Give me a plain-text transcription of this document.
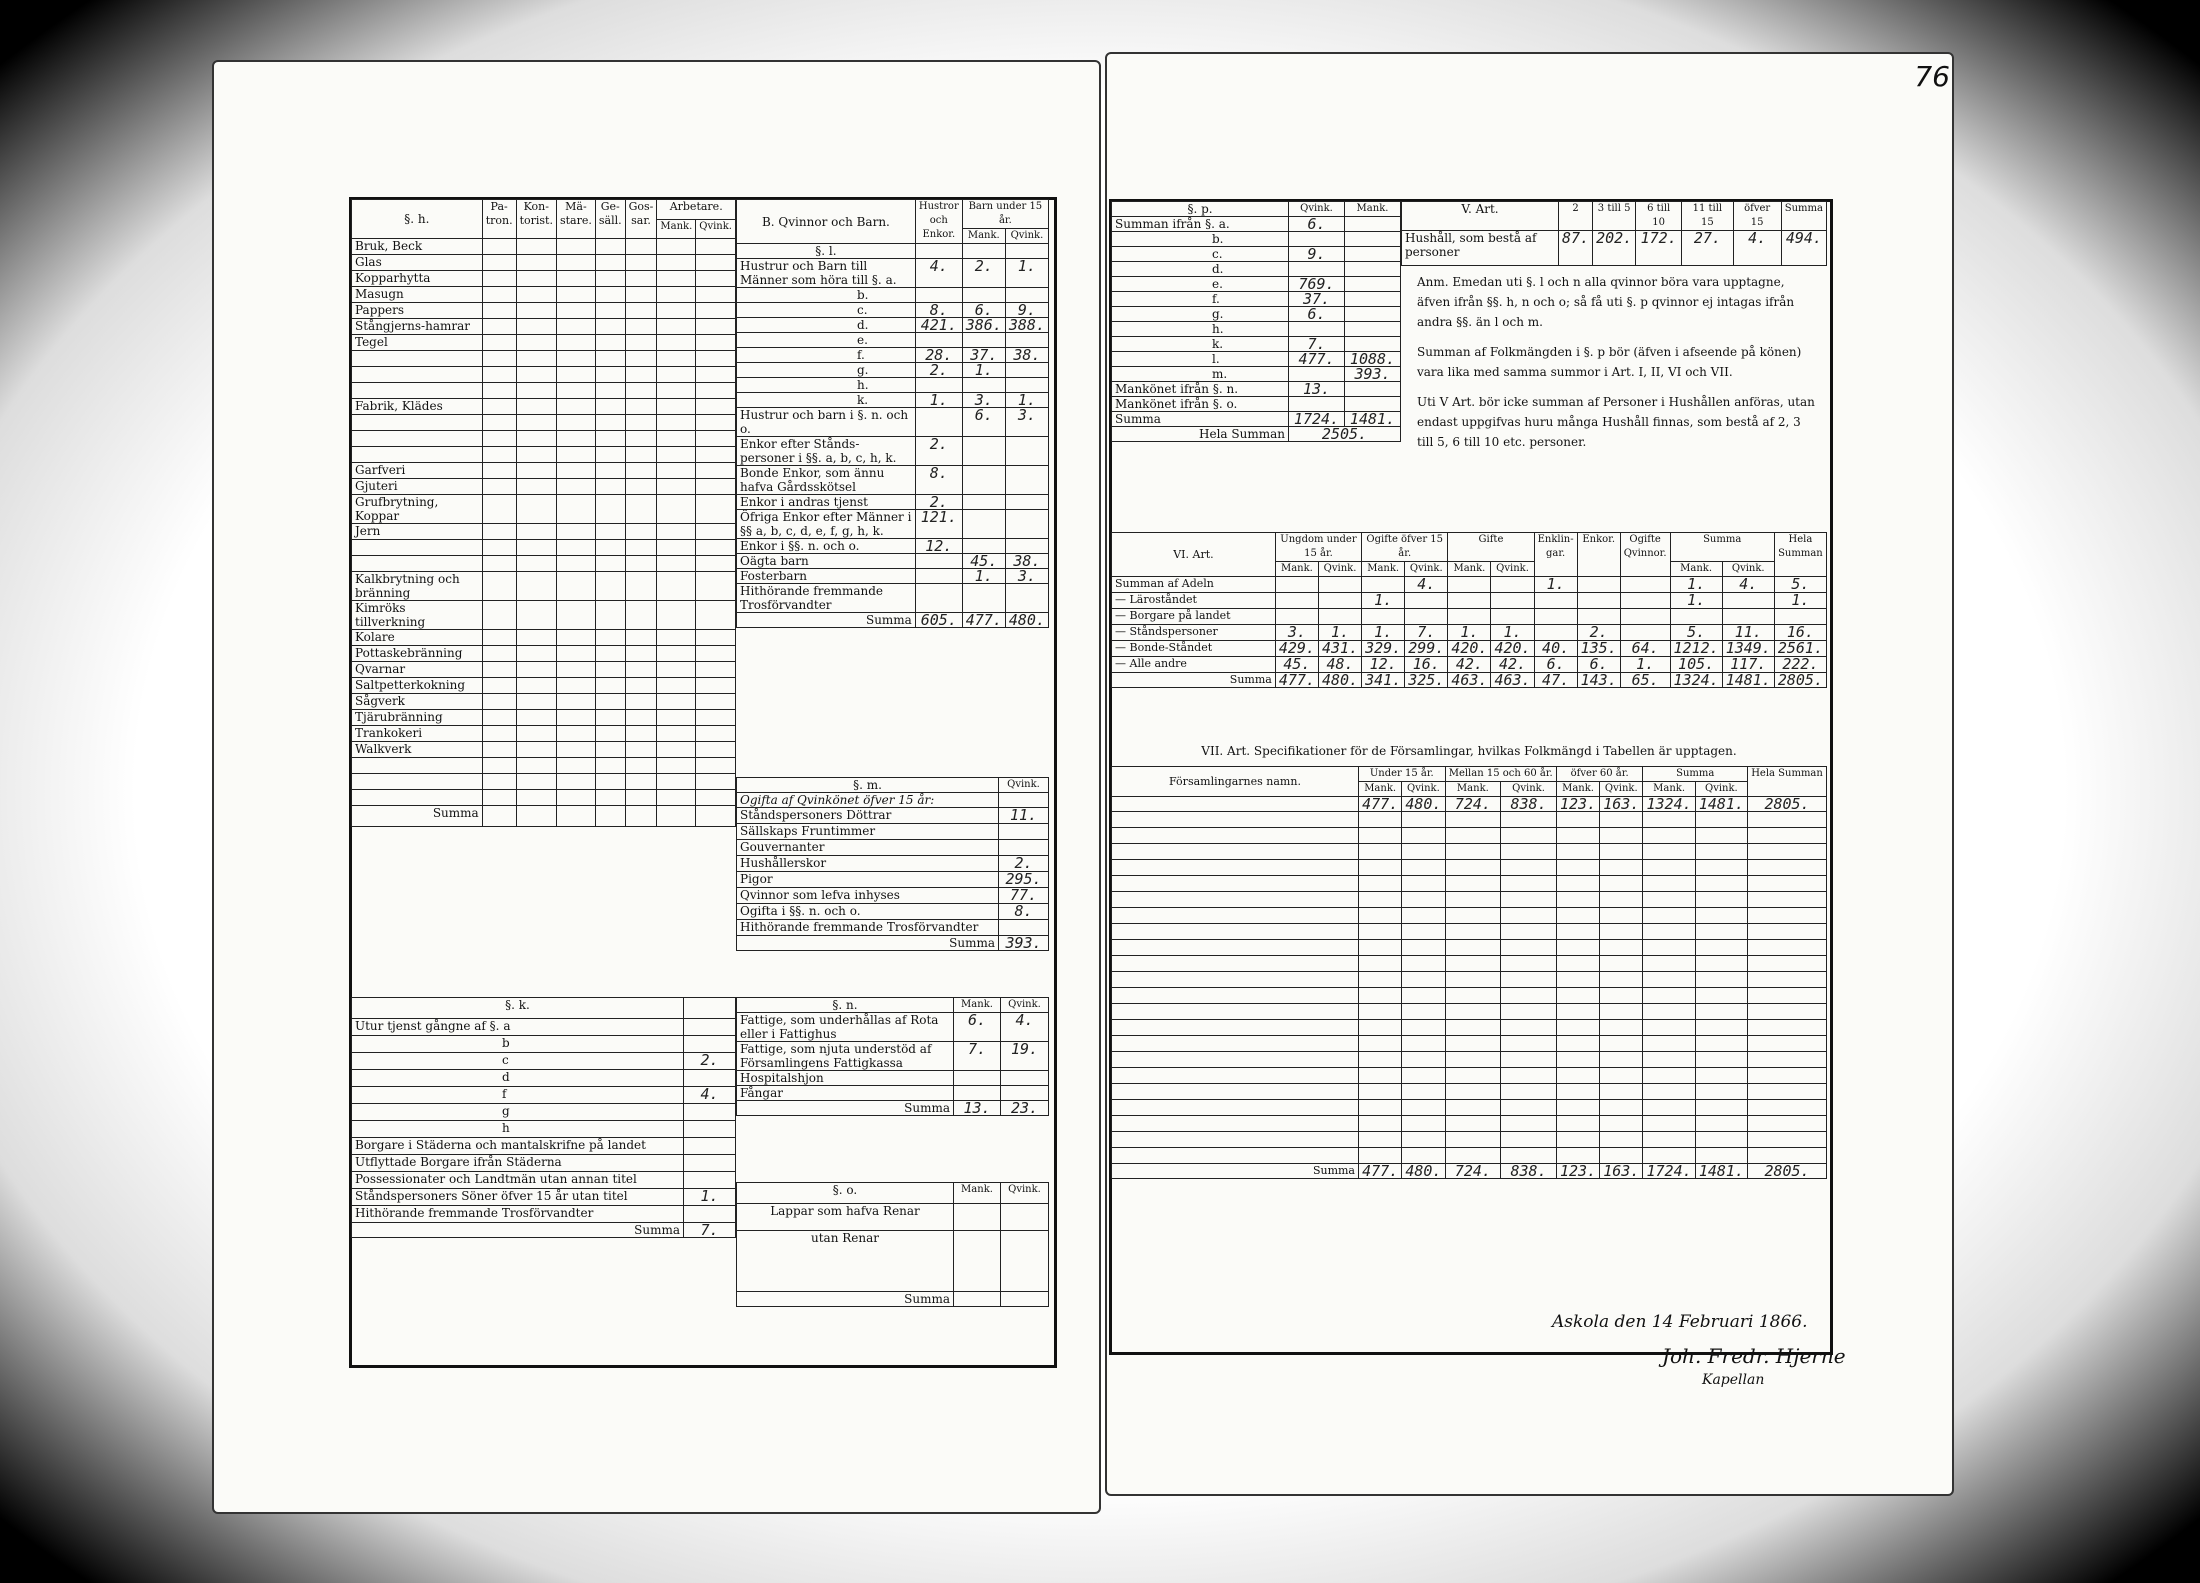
§. h.	Pa-tron.	Kon-torist.	Mä-stare.	Ge-säll.	Gos-sar.	Arbetare.	
						Mank.	Qvink.
Bruk, Beck							
Glas							
Kopparhytta							
Masugn							
Pappers							
Stångjerns-hamrar							
Tegel							

Fabrik, Klädes							

Garfveri							
Gjuteri							
Grufbrytning, Koppar							
Jern							

Kalkbrytning och bränning							
Kimröks tillverkning							
Kolare							
Pottaskebränning							
Qvarnar							
Saltpetterkokning							
Sågverk							
Tjärubränning							
Trankokeri							
Walkverk							

Summa							
§. k.	
Utur tjenst gångne af §. a	
b	
c	2.
d	
f	4.
g	
h	
Borgare i Städerna och mantalskrifne på landet	
Utflyttade Borgare ifrån Städerna	
Possessionater och Landtmän utan annan titel	
Ståndspersoners Söner öfver 15 år utan titel	1.
Hithörande fremmande Trosförvandter	
Summa	7.
B. Qvinnor och Barn.	Hustror och Enkor.	Barn under 15 år.	
		Mank.	Qvink.
§. l.			
Hustrur och Barn till Männer som höra till §. a.	4.	2.	1.
b.			
c.	8.	6.	9.
d.	421.	386.	388.
e.			
f.	28.	37.	38.
g.	2.	1.	
h.			
k.	1.	3.	1.
Hustrur och barn i §. n. och o.		6.	3.
Enkor efter Stånds-personer i §§. a, b, c, h, k.	2.		
Bonde Enkor, som ännu hafva Gårdsskötsel	8.		
Enkor i andras tjenst	2.		
Öfriga Enkor efter Männer i §§ a, b, c, d, e, f, g, h, k.	121.		
Enkor i §§. n. och o.	12.		
Oägta barn		45.	38.
Fosterbarn		1.	3.
Hithörande fremmande Trosförvandter			
Summa	605.	477.	480.
§. m.	Qvink.
Ogifta af Qvinkönet öfver 15 år:	
Ståndspersoners Döttrar	11.
Sällskaps Fruntimmer	
Gouvernanter	
Hushållerskor	2.
Pigor	295.
Qvinnor som lefva inhyses	77.
Ogifta i §§. n. och o.	8.
Hithörande fremmande Trosförvandter	
Summa	393.
§. n.	Mank.	Qvink.
Fattige, som underhållas af Rota eller i Fattighus	6.	4.
Fattige, som njuta understöd af Församlingens Fattigkassa	7.	19.
Hospitalshjon		
Fångar		
Summa	13.	23.
§. o.	Mank.	Qvink.
Lappar som hafva Renar		
utan Renar		
Summa		
76
§. p.	Qvink.	Mank.
Summan ifrån §. a.	6.	
b.		
c.	9.	
d.		
e.	769.	
f.	37.	
g.	6.	
h.		
k.	7.	
l.	477.	1088.
m.		393.
Mankönet ifrån §. n.	13.	
Mankönet ifrån §. o.		
Summa	1724.	1481.
Hela Summan	2505.	
V. Art.	2	3 till 5	6 till 10	11 till 15	öfver 15	Summa
Hushåll, som bestå af personer	87.	202.	172.	27.	4.	494.

Anm. Emedan uti §. l och n alla qvinnor böra vara upptagne, äfven ifrån §§. h, n och o; så få uti §. p qvinnor ej intagas ifrån andra §§. än l och m.

Summan af Folkmängden i §. p bör (äfven i afseende på könen) vara lika med samma summor i Art. I, II, VI och VII.

Uti V Art. bör icke summan af Personer i Hushållen anföras, utan endast uppgifvas huru många Hushåll finnas, som bestå af 2, 3 till 5, 6 till 10 etc. personer.

VI. Art.	Ungdom under 15 år.		Ogifte öfver 15 år.		Gifte		Enklin-gar.	Enkor.	Ogifte Qvinnor.	Summa		Hela Summan
	Mank.	Qvink.	Mank.	Qvink.	Mank.	Qvink.				Mank.	Qvink.	
Summan af Adeln				4.			1.			1.	4.	5.
— Läroståndet			1.							1.		1.
— Borgare på landet												
— Ståndspersoner	3.	1.	1.	7.	1.	1.		2.		5.	11.	16.
— Bonde-Ståndet	429.	431.	329.	299.	420.	420.	40.	135.	64.	1212.	1349.	2561.
— Alle andre	45.	48.	12.	16.	42.	42.	6.	6.	1.	105.	117.	222.
Summa	477.	480.	341.	325.	463.	463.	47.	143.	65.	1324.	1481.	2805.
VII. Art. Specifikationer för de Församlingar, hvilkas Folkmängd i Tabellen är upptagen.
Församlingarnes namn.	Under 15 år.		Mellan 15 och 60 år.		öfver 60 år.		Summa		Hela Summan
	Mank.	Qvink.	Mank.	Qvink.	Mank.	Qvink.	Mank.	Qvink.	
	477.	480.	724.	838.	123.	163.	1324.	1481.	2805.

Summa	477.	480.	724.	838.	123.	163.	1724.	1481.	2805.
Askola den 14 Februari 1866.
Joh. Fredr. Hjerne
Kapellan
